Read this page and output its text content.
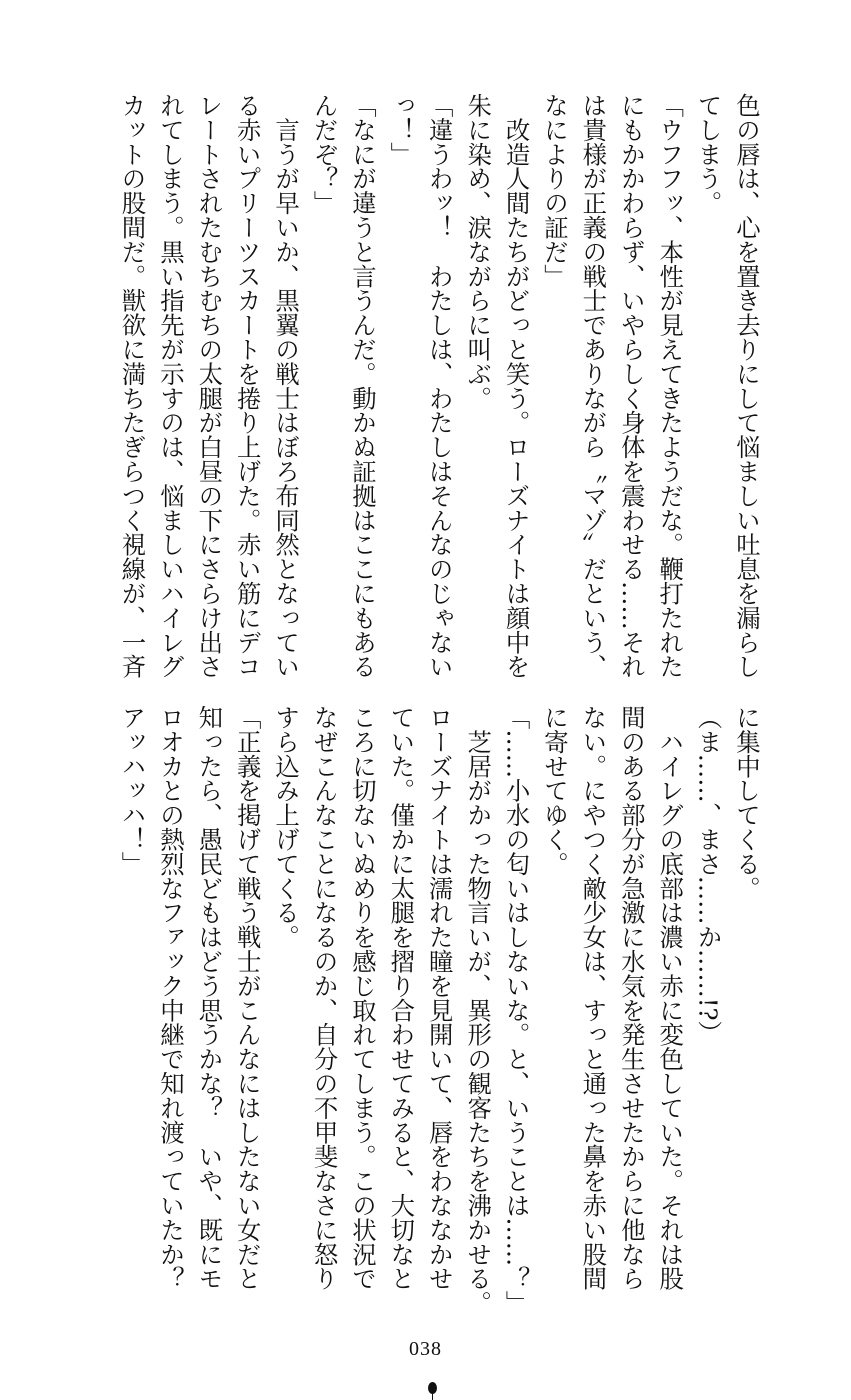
色の唇は、心を置き去りにして悩ましい吐息を漏らし
てしまう。
「ウフフッ、本性が見えてきたようだな。鞭打たれた
にもかかわらず、いやらしく身体を震わせる……それ
は貴様が正義の戦士でありながら〝マゾ〟だという、
なによりの証だ」
　改造人間たちがどっと笑う。ローズナイトは顔中を
朱に染め、涙ながらに叫ぶ。
「違うわッ！　わたしは、わたしはそんなのじゃない
っ！」
「なにが違うと言うんだ。動かぬ証拠はここにもある
んだぞ？」
　言うが早いか、黒翼の戦士はぼろ布同然となってい
る赤いプリーツスカートを捲り上げた。赤い筋にデコ
レートされたむちむちの太腿が白昼の下にさらけ出さ
れてしまう。黒い指先が示すのは、悩ましいハイレグ
カットの股間だ。獣欲に満ちたぎらつく視線が、一斉
に集中してくる。
（ま……、まさ……か……!?）
　ハイレグの底部は濃い赤に変色していた。それは股
間のある部分が急激に水気を発生させたからに他なら
ない。にやつく敵少女は、すっと通った鼻を赤い股間
に寄せてゆく。
「……小水の匂いはしないな。と、いうことは……？」
　芝居がかった物言いが、異形の観客たちを沸かせる。
ローズナイトは濡れた瞳を見開いて、唇をわななかせ
ていた。僅かに太腿を摺り合わせてみると、大切なと
ころに切ないぬめりを感じ取れてしまう。この状況で
なぜこんなことになるのか、自分の不甲斐なさに怒り
すら込み上げてくる。
「正義を掲げて戦う戦士がこんなにはしたない女だと
知ったら、愚民どもはどう思うかな？　いや、既にモ
ロオカとの熱烈なファック中継で知れ渡っていたか？
アッハッハ！」
038
